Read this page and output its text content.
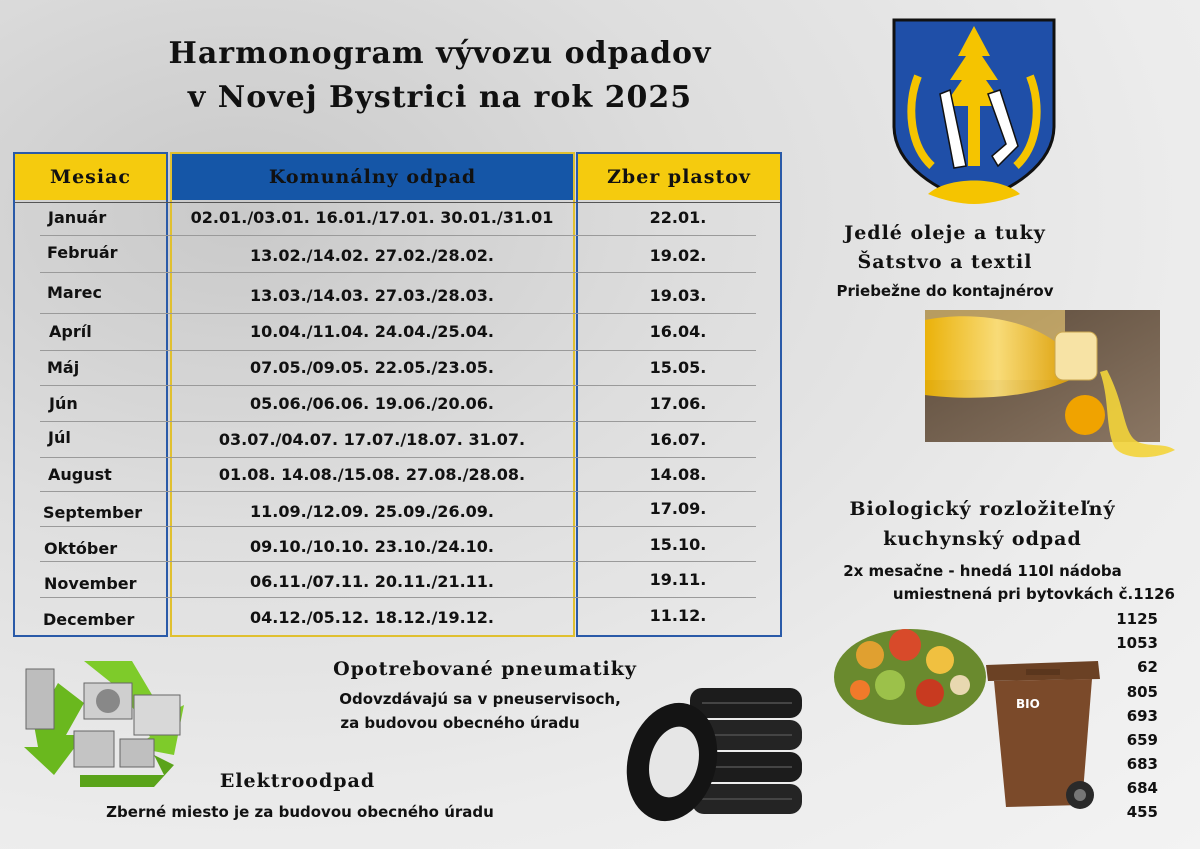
Harmonogram vývozu odpadov
v Novej Bystrici na rok 2025
Mesiac	Komunálny odpad	Zber plastov
Január	02.01./03.01. 16.01./17.01. 30.01./31.01	22.01.
Február	13.02./14.02. 27.02./28.02.	19.02.
Marec	13.03./14.03. 27.03./28.03.	19.03.
Apríl	10.04./11.04. 24.04./25.04.	16.04.
Máj	07.05./09.05. 22.05./23.05.	15.05.
Jún	05.06./06.06. 19.06./20.06.	17.06.
Júl	03.07./04.07. 17.07./18.07. 31.07.	16.07.
August	01.08. 14.08./15.08. 27.08./28.08.	14.08.
September	11.09./12.09. 25.09./26.09.	17.09.
Október	09.10./10.10. 23.10./24.10.	15.10.
November	06.11./07.11. 20.11./21.11.	19.11.
December	04.12./05.12. 18.12./19.12.	11.12.
Jedlé oleje a tuky
Šatstvo a textil
Priebežne do kontajnérov
Biologický rozložiteľný
kuchynský odpad
2x mesačne - hnedá 110l nádoba
umiestnená pri bytovkách č.1126
1125
1053
62
805
693
659
683
684
455
BIO
Opotrebované pneumatiky
Odovzdávajú sa v pneuservisoch,
za budovou obecného úradu
Elektroodpad
Zberné miesto je za budovou obecného úradu
